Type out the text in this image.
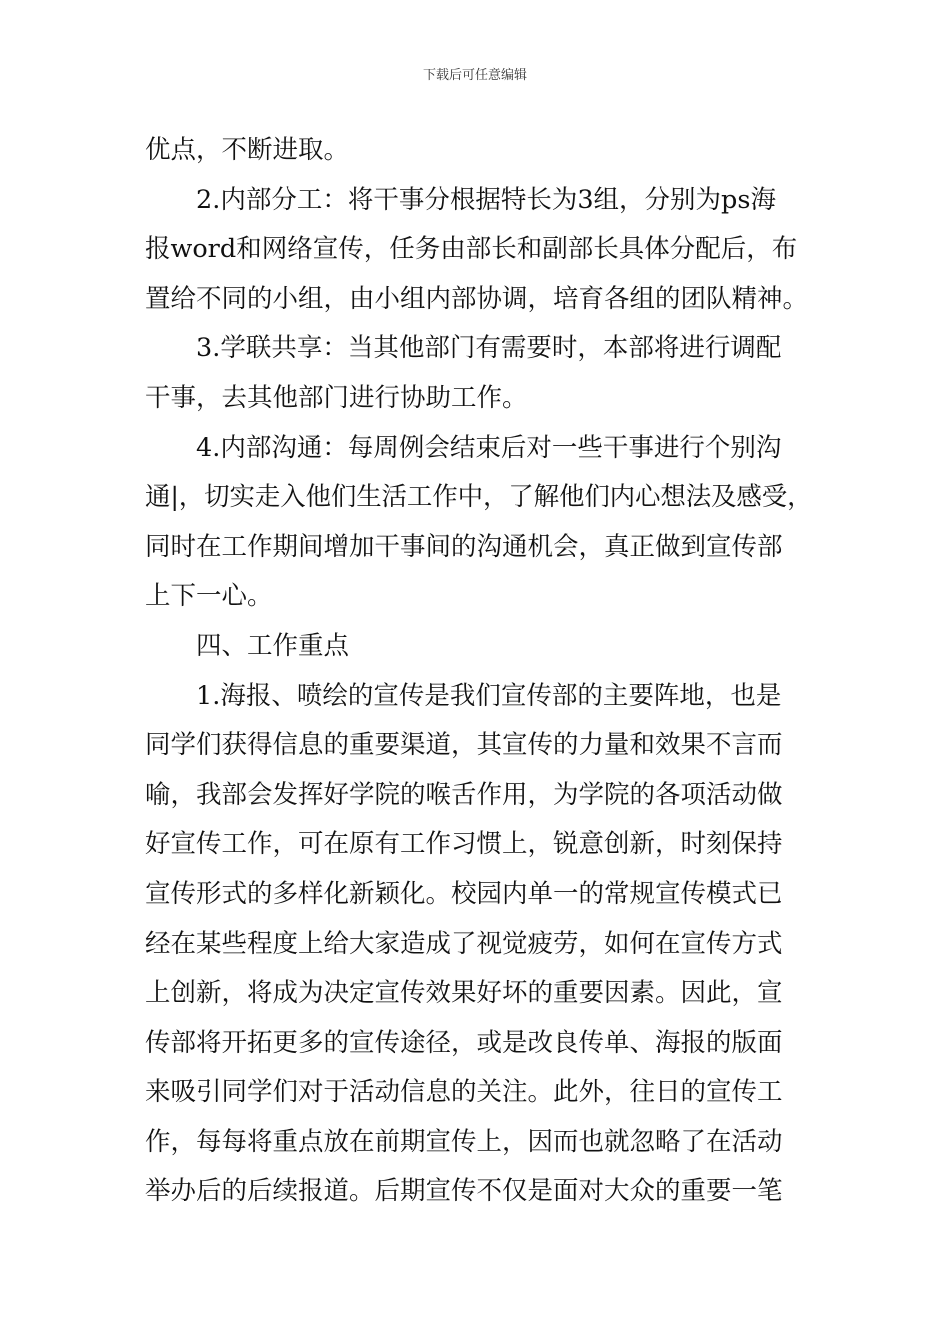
下载后可任意编辑
优点，不断进取。
2.内部分工：将干事分根据特长为3组，分别为ps海
报word和网络宣传，任务由部长和副部长具体分配后，布
置给不同的小组，由小组内部协调，培育各组的团队精神。
3.学联共享：当其他部门有需要时，本部将进行调配
干事，去其他部门进行协助工作。
4.内部沟通：每周例会结束后对一些干事进行个别沟
通|，切实走入他们生活工作中，了解他们内心想法及感受，
同时在工作期间增加干事间的沟通机会，真正做到宣传部
上下一心。
四、工作重点
1.海报、喷绘的宣传是我们宣传部的主要阵地，也是
同学们获得信息的重要渠道，其宣传的力量和效果不言而
喻，我部会发挥好学院的喉舌作用，为学院的各项活动做
好宣传工作，可在原有工作习惯上，锐意创新，时刻保持
宣传形式的多样化新颖化。校园内单一的常规宣传模式已
经在某些程度上给大家造成了视觉疲劳，如何在宣传方式
上创新，将成为决定宣传效果好坏的重要因素。因此，宣
传部将开拓更多的宣传途径，或是改良传单、海报的版面
来吸引同学们对于活动信息的关注。此外，往日的宣传工
作，每每将重点放在前期宣传上，因而也就忽略了在活动
举办后的后续报道。后期宣传不仅是面对大众的重要一笔
